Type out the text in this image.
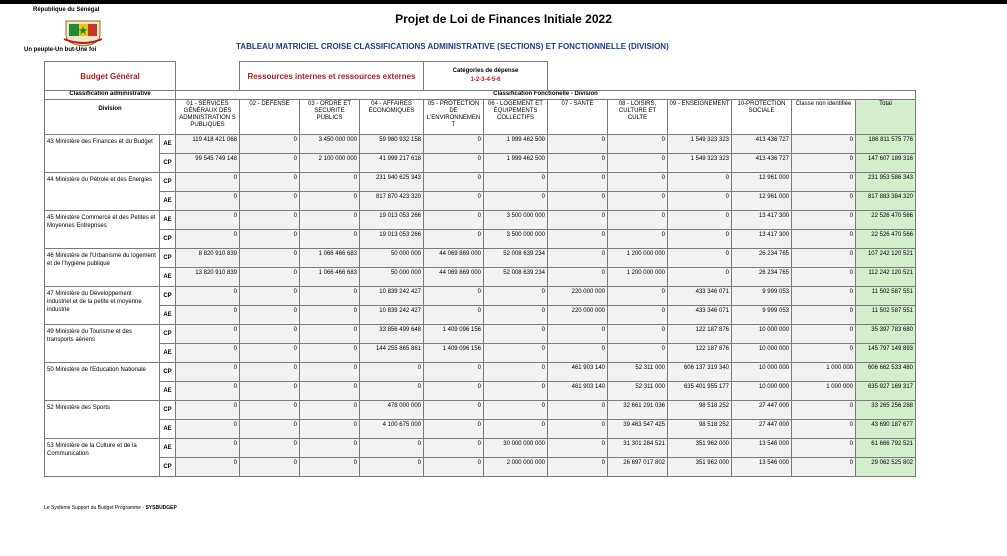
République du Sénégal
Un peuple-Un but-Une foi
Projet de Loi de Finances Initiale 2022
TABLEAU MATRICIEL CROISE CLASSIFICATIONS ADMINISTRATIVE (SECTIONS) ET FONCTIONNELLE (DIVISION)
Budget Général			Ressources internes et ressources externes			Catégories de dépense
1-2-3-4-5-6							

Classification administrative		Classification Fonctionelle - Division											
Division		01 - SERVICES GÉNÉRAUX DES ADMINISTRATION S PUBLIQUES	02 - DEFENSE	03 - ORDRE ET SECURITE PUBLICS	04 - AFFAIRES ÉCONOMIQUES	05 - PROTECTION DE L'ENVIRONNEMEN T	06 - LOGEMENT ET ÉQUIPEMENTS COLLECTIFS	07 - SANTÉ	08 - LOISIRS, CULTURE ET CULTE	09 - ENSEIGNEMENT	10-PROTECTION SOCIALE	Classe non identifiée	Total
43 Ministère des Finances et du Budget	AE	119 418 421 068	0	3 450 000 000	59 980 932 158	0	1 999 462 500	0	0	1 549 323 323	413 436 727	0	186 811 575 776
	CP	99 545 749 148	0	2 100 000 000	41 999 217 618	0	1 999 462 500	0	0	1 549 323 323	413 436 727	0	147 607 189 316
44 Ministère du Pétrole et des Energies	CP	0	0	0	231 940 625 343	0	0	0	0	0	12 961 000	0	231 953 586 343
	AE	0	0	0	817 870 423 320	0	0	0	0	0	12 961 000	0	817 883 384 320
45 Ministère Commerce et des Petites et Moyennes Entreprises	AE	0	0	0	19 013 053 266	0	3 500 000 000	0	0	0	13 417 300	0	22 526 470 566
	CP	0	0	0	19 013 053 266	0	3 500 000 000	0	0	0	13 417 300	0	22 526 470 566
46 Ministère de l'Urbanisme du logement et de l'hygiène publique	CP	8 820 910 839	0	1 066 466 683	50 000 000	44 069 869 000	52 008 639 234	0	1 200 000 000	0	26 234 765	0	107 242 120 521
	AE	13 820 910 839	0	1 066 466 683	50 000 000	44 069 869 000	52 008 639 234	0	1 200 000 000	0	26 234 765	0	112 242 120 521
47 Ministère du Développement industriel et de la petite et moyenne industrie	CP	0	0	0	10 839 242 427	0	0	220 000 000	0	433 346 071	9 999 053	0	11 502 587 551
	AE	0	0	0	10 839 242 427	0	0	220 000 000	0	433 346 071	9 999 053	0	11 502 587 551
49 Ministère du Tourisme et des transports aériens	CP	0	0	0	33 856 499 648	1 409 096 156	0	0	0	122 187 876	10 000 000	0	35 397 783 680
	AE	0	0	0	144 255 865 861	1 409 096 156	0	0	0	122 187 876	10 000 000	0	145 797 149 893
50 Ministère de l'Education Nationale	CP	0	0	0	0	0	0	461 903 140	52 311 000	606 137 319 340	10 000 000	1 000 000	606 662 533 480
	AE	0	0	0	0	0	0	461 903 140	52 311 000	635 401 955 177	10 000 000	1 000 000	635 927 169 317
52 Ministère des Sports	CP	0	0	0	478 000 000	0	0	0	32 661 291 036	98 518 252	27 447 000	0	33 265 256 288
	AE	0	0	0	4 100 675 000	0	0	0	39 463 547 425	98 518 252	27 447 000	0	43 690 187 677
53 Ministère de la Culture et de la Communication	AE	0	0	0	0	0	30 000 000 000	0	31 301 284 521	351 962 000	13 546 000	0	61 666 792 521
	CP	0	0	0	0	0	2 000 000 000	0	26 697 017 802	351 962 000	13 546 000	0	29 062 525 802
Le Système Support du Budget Programme - SYSBUDGEP
